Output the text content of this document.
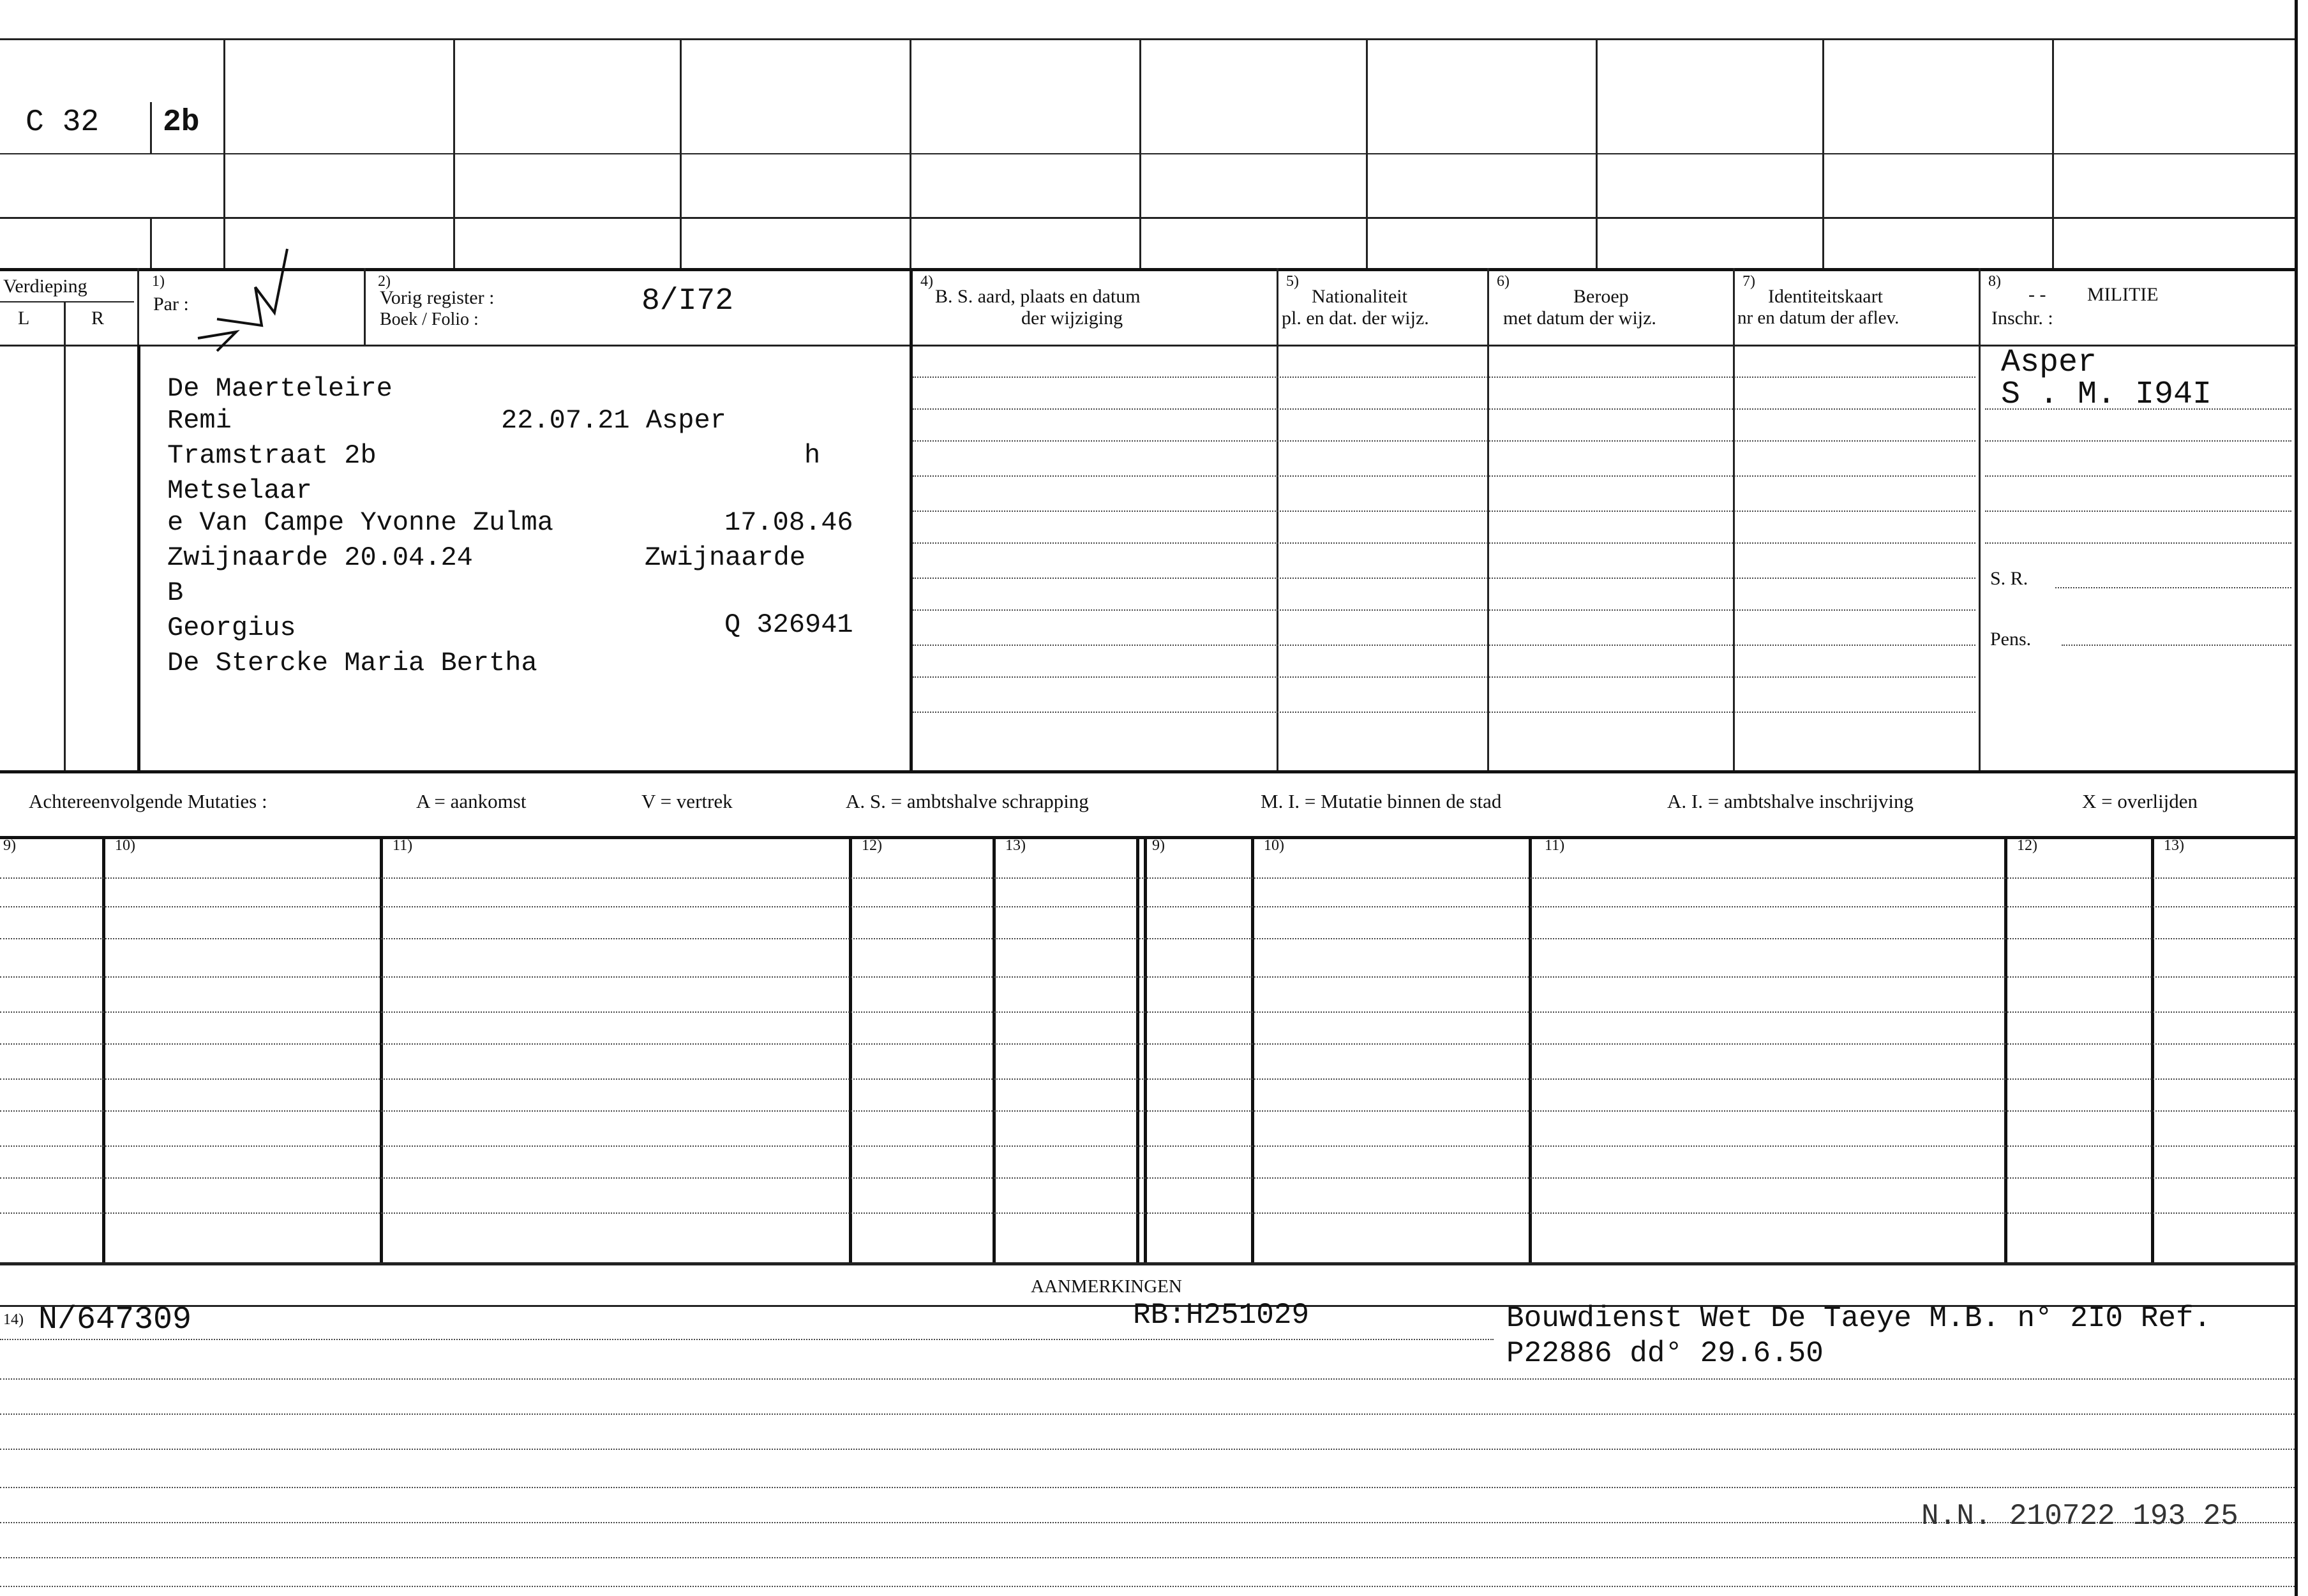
C 32 2b
Verdieping
L	R
1)
Par :
2)
Vorig register :
Boek / Folio :
8/I72
4)
B. S. aard, plaats en datum
der wijziging
5)
Nationaliteit
pl. en dat. der wijz.
6)
Beroep
met datum der wijz.
7)
Identiteitskaart
nr en datum der aflev.
8)
- - MILITIE
Inschr. :
De Maerteleire
Remi	22.07.21 Asper
Tramstraat 2b	h
Metselaar
e Van Campe Yvonne Zulma	17.08.46
Zwijnaarde 20.04.24	Zwijnaarde
B
Georgius	Q 326941
De Stercke Maria Bertha
Asper
S . M. I94I
S. R.
Pens.
Achtereenvolgende Mutaties :	A = aankomst	V = vertrek	A. S. = ambtshalve schrapping	M. I. = Mutatie binnen de stad	A. I. = ambtshalve inschrijving	X = overlijden
9)	10)	11)	12)	13)	9)	10)	11)	12)	13)
AANMERKINGEN
14) N/647309	RB:H251029	Bouwdienst Wet De Taeye M.B. n° 2I0 Ref.
P22886 dd° 29.6.50
N.N. 210722 193 25
